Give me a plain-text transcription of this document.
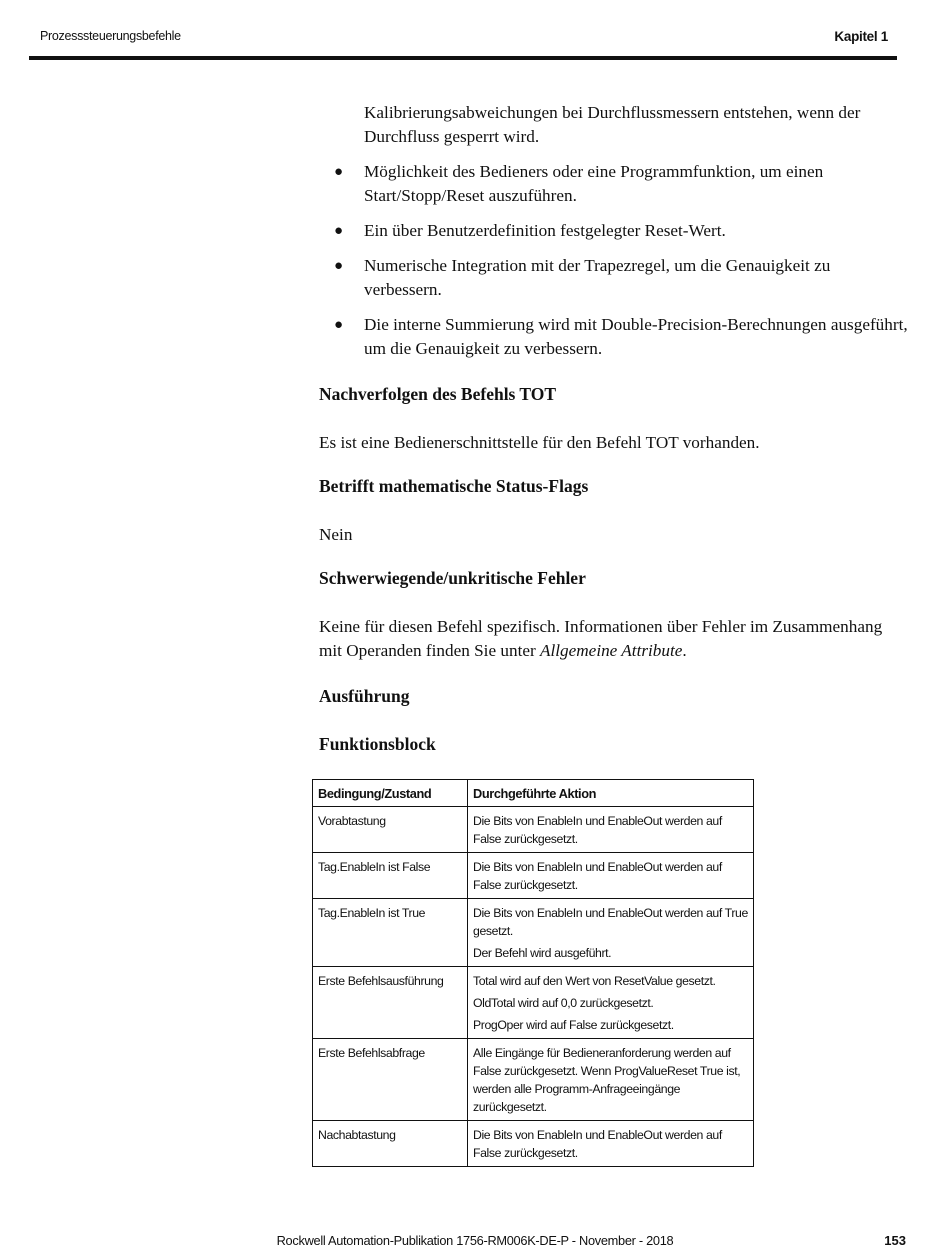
Prozesssteuerungsbefehle	Kapitel 1
Kalibrierungsabweichungen bei Durchflussmessern entstehen, wenn der Durchfluss gesperrt wird.
● Möglichkeit des Bedieners oder eine Programmfunktion, um einen Start/Stopp/Reset auszuführen.
● Ein über Benutzerdefinition festgelegter Reset-Wert.
● Numerische Integration mit der Trapezregel, um die Genauigkeit zu verbessern.
● Die interne Summierung wird mit Double-Precision-Berechnungen ausgeführt, um die Genauigkeit zu verbessern.
Nachverfolgen des Befehls TOT
Es ist eine Bedienerschnittstelle für den Befehl TOT vorhanden.
Betrifft mathematische Status-Flags
Nein
Schwerwiegende/unkritische Fehler
Keine für diesen Befehl spezifisch. Informationen über Fehler im Zusammenhang mit Operanden finden Sie unter Allgemeine Attribute.
Ausführung
Funktionsblock
Bedingung/Zustand	Durchgeführte Aktion
Vorabtastung	Die Bits von EnableIn und EnableOut werden auf False zurückgesetzt.

Tag.EnableIn ist False	Die Bits von EnableIn und EnableOut werden auf False zurückgesetzt.

Tag.EnableIn ist True	Die Bits von EnableIn und EnableOut werden auf True gesetzt.
Der Befehl wird ausgeführt.

Erste Befehlsausführung	Total wird auf den Wert von ResetValue gesetzt.
OldTotal wird auf 0,0 zurückgesetzt.
ProgOper wird auf False zurückgesetzt.

Erste Befehlsabfrage	Alle Eingänge für Bedieneranforderung werden auf False zurückgesetzt. Wenn ProgValueReset True ist, werden alle Programm-Anfrageeingänge zurückgesetzt.

Nachabtastung	Die Bits von EnableIn und EnableOut werden auf False zurückgesetzt.
Rockwell Automation-Publikation 1756-RM006K-DE-P - November - 2018	153
